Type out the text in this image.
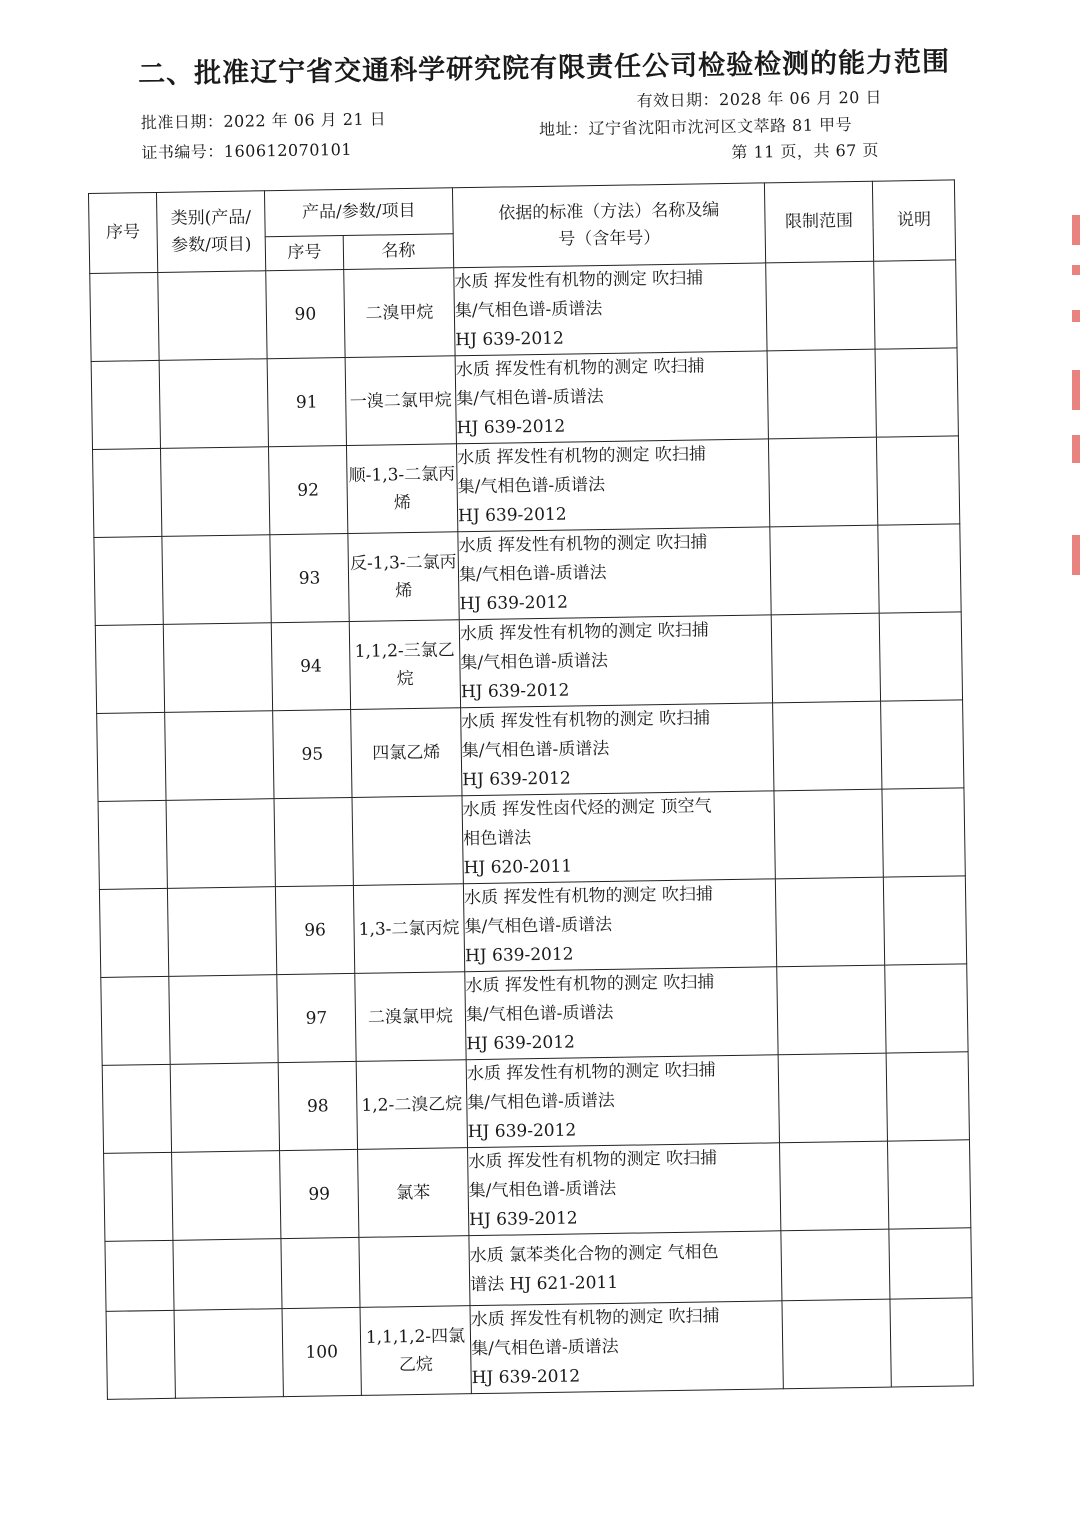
二、批准辽宁省交通科学研究院有限责任公司检验检测的能力范围
批准日期：2022 年 06 月 21 日
有效日期：2028 年 06 月 20 日
证书编号：160612070101
地址：辽宁省沈阳市沈河区文萃路 81 甲号
第 11 页，共 67 页
序号	类别(产品/参数/项目)	产品/参数/项目		依据的标准（方法）名称及编号（含年号）	限制范围	说明
		序号	名称			
		90	二溴甲烷	水质 挥发性有机物的测定 吹扫捕
集/气相色谱-质谱法
HJ 639-2012		

		91	一溴二氯甲烷	水质 挥发性有机物的测定 吹扫捕
集/气相色谱-质谱法
HJ 639-2012		

		92	顺-1,3-二氯丙烯	水质 挥发性有机物的测定 吹扫捕
集/气相色谱-质谱法
HJ 639-2012		

		93	反-1,3-二氯丙烯	水质 挥发性有机物的测定 吹扫捕
集/气相色谱-质谱法
HJ 639-2012		

		94	1,1,2-三氯乙烷	水质 挥发性有机物的测定 吹扫捕
集/气相色谱-质谱法
HJ 639-2012		

		95	四氯乙烯	水质 挥发性有机物的测定 吹扫捕
集/气相色谱-质谱法
HJ 639-2012		

				水质 挥发性卤代烃的测定 顶空气
相色谱法
HJ 620-2011		

		96	1,3-二氯丙烷	水质 挥发性有机物的测定 吹扫捕
集/气相色谱-质谱法
HJ 639-2012		

		97	二溴氯甲烷	水质 挥发性有机物的测定 吹扫捕
集/气相色谱-质谱法
HJ 639-2012		

		98	1,2-二溴乙烷	水质 挥发性有机物的测定 吹扫捕
集/气相色谱-质谱法
HJ 639-2012		

		99	氯苯	水质 挥发性有机物的测定 吹扫捕
集/气相色谱-质谱法
HJ 639-2012		

				水质 氯苯类化合物的测定 气相色
谱法 HJ 621-2011		

		100	1,1,1,2-四氯乙烷	水质 挥发性有机物的测定 吹扫捕
集/气相色谱-质谱法
HJ 639-2012		
